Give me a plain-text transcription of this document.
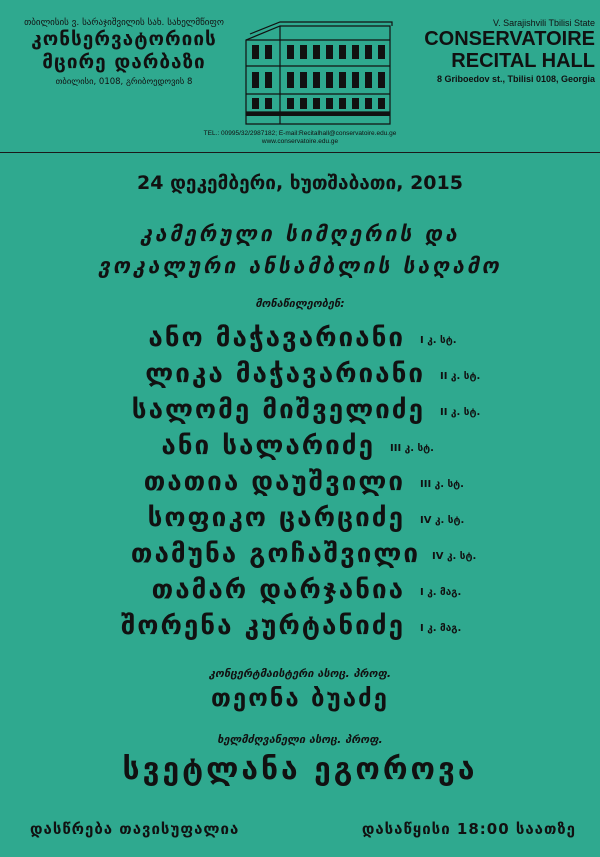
თბილისის ვ. სარაჯიშვილის სახ. სახელმწიფო
კონსერვატორიის
მცირე დარბაზი
თბილისი, 0108, გრიბოედოვის 8
V. Sarajishvili Tbilisi State
CONSERVATOIRE
RECITAL HALL
8 Griboedov st., Tbilisi 0108, Georgia
TEL.: 00995/32/2987182; E-mail:Recitalhall@conservatoire.edu.ge
www.conservatoire.edu.ge
24 დეკემბერი, ხუთშაბათი, 2015
კამერული სიმღერის და
ვოკალური ანსამბლის საღამო
მონაწილეობენ:
ანო მაჭავარიანი I კ. სტ.
ლიკა მაჭავარიანი II კ. სტ.
სალომე მიშველიძე II კ. სტ.
ანი სალარიძე III კ. სტ.
თათია დაუშვილი III კ. სტ.
სოფიკო ცარციძე IV კ. სტ.
თამუნა გოჩაშვილი IV კ. სტ.
თამარ დარჯანია I კ. მაგ.
შორენა კურტანიძე I კ. მაგ.
კონცერტმაისტერი ასოც. პროფ.
თეონა ბუაძე
ხელმძღვანელი ასოც. პროფ.
სვეტლანა ეგოროვა
დასწრება თავისუფალია	დასაწყისი 18:00 საათზე
